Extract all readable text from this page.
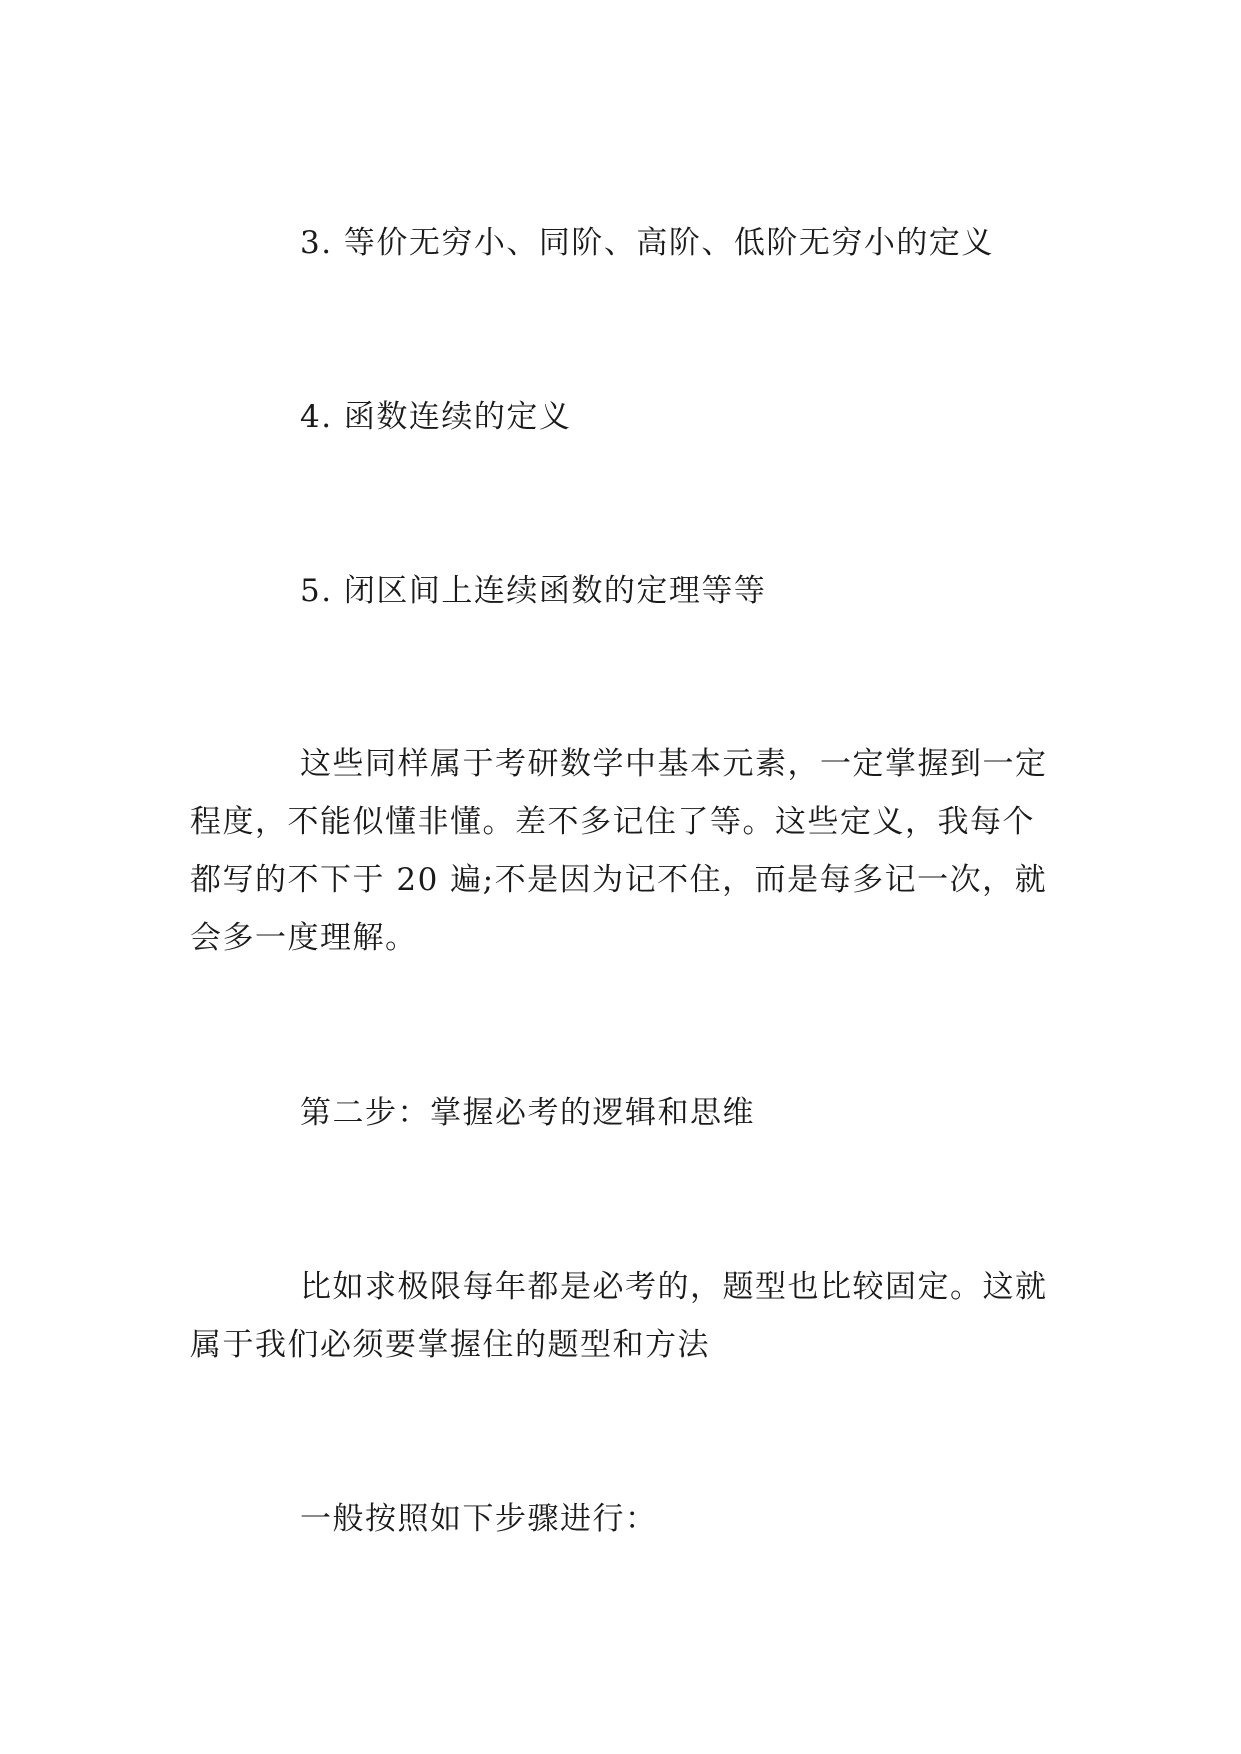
3. 等价无穷小、同阶、高阶、低阶无穷小的定义
4. 函数连续的定义
5. 闭区间上连续函数的定理等等
这些同样属于考研数学中基本元素，一定掌握到一定
程度，不能似懂非懂。差不多记住了等。这些定义，我每个
都写的不下于 20 遍;不是因为记不住，而是每多记一次，就
会多一度理解。
第二步：掌握必考的逻辑和思维
比如求极限每年都是必考的，题型也比较固定。这就
属于我们必须要掌握住的题型和方法
一般按照如下步骤进行：
